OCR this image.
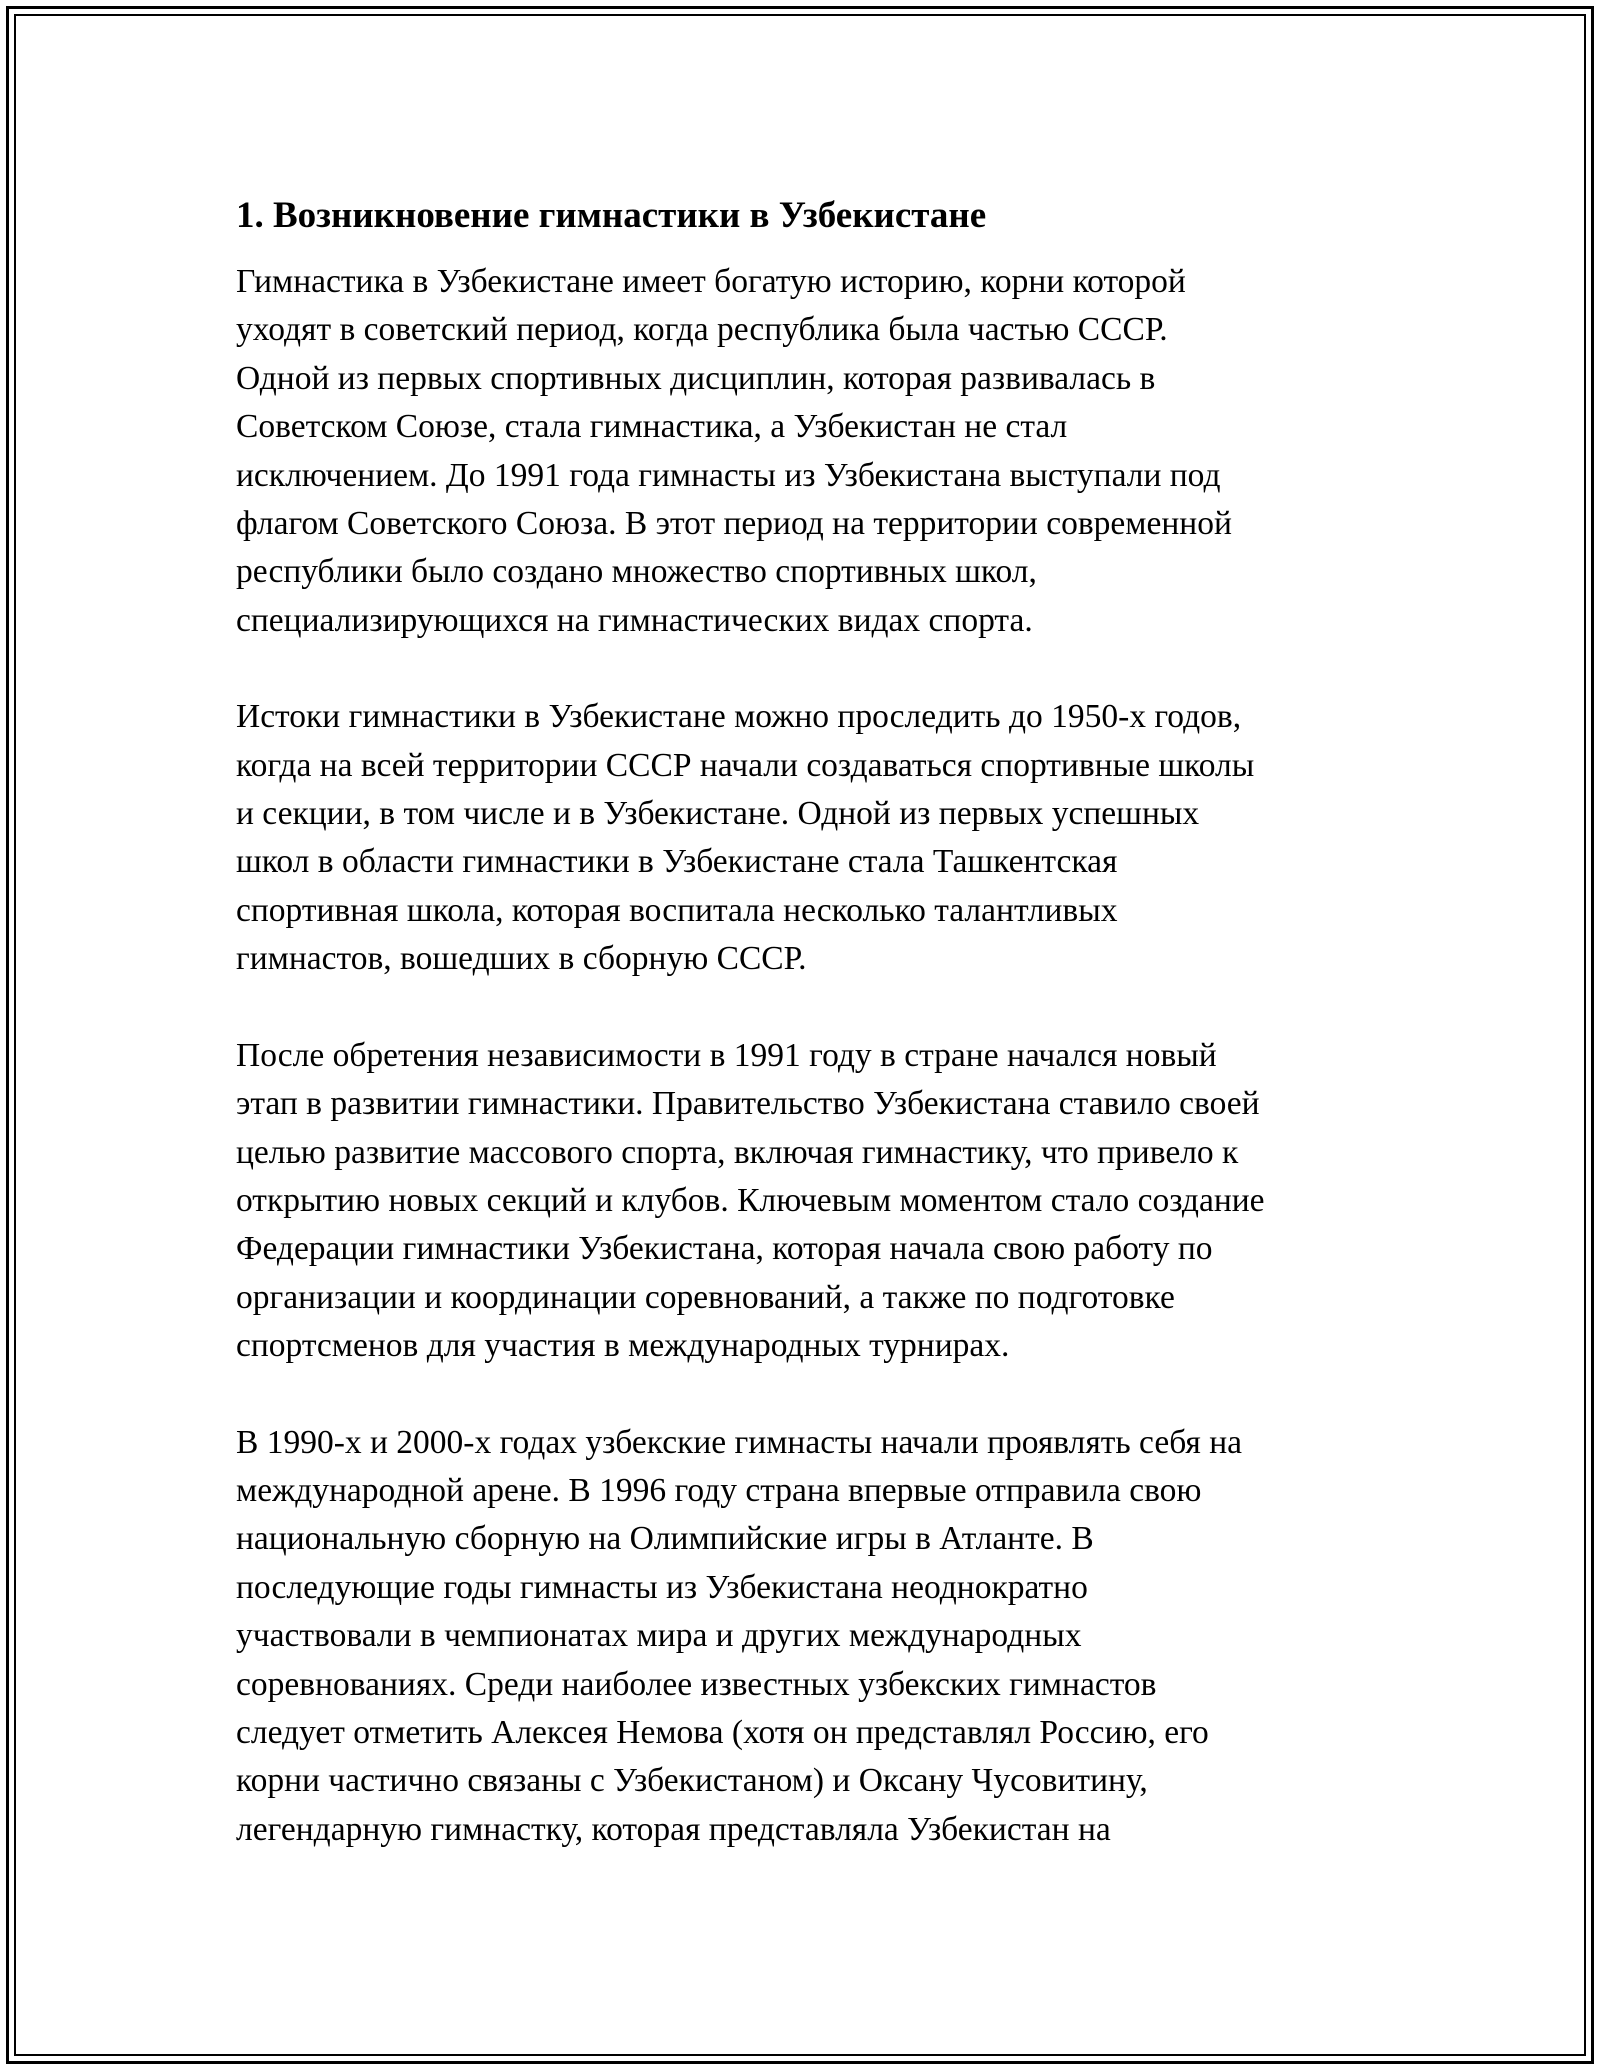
1. Возникновение гимнастики в Узбекистане
Гимнастика в Узбекистане имеет богатую историю, корни которой
уходят в советский период, когда республика была частью СССР.
Одной из первых спортивных дисциплин, которая развивалась в
Советском Союзе, стала гимнастика, а Узбекистан не стал
исключением. До 1991 года гимнасты из Узбекистана выступали под
флагом Советского Союза. В этот период на территории современной
республики было создано множество спортивных школ,
специализирующихся на гимнастических видах спорта.
Истоки гимнастики в Узбекистане можно проследить до 1950-х годов,
когда на всей территории СССР начали создаваться спортивные школы
и секции, в том числе и в Узбекистане. Одной из первых успешных
школ в области гимнастики в Узбекистане стала Ташкентская
спортивная школа, которая воспитала несколько талантливых
гимнастов, вошедших в сборную СССР.
После обретения независимости в 1991 году в стране начался новый
этап в развитии гимнастики. Правительство Узбекистана ставило своей
целью развитие массового спорта, включая гимнастику, что привело к
открытию новых секций и клубов. Ключевым моментом стало создание
Федерации гимнастики Узбекистана, которая начала свою работу по
организации и координации соревнований, а также по подготовке
спортсменов для участия в международных турнирах.
В 1990-х и 2000-х годах узбекские гимнасты начали проявлять себя на
международной арене. В 1996 году страна впервые отправила свою
национальную сборную на Олимпийские игры в Атланте. В
последующие годы гимнасты из Узбекистана неоднократно
участвовали в чемпионатах мира и других международных
соревнованиях. Среди наиболее известных узбекских гимнастов
следует отметить Алексея Немова (хотя он представлял Россию, его
корни частично связаны с Узбекистаном) и Оксану Чусовитину,
легендарную гимнастку, которая представляла Узбекистан на
